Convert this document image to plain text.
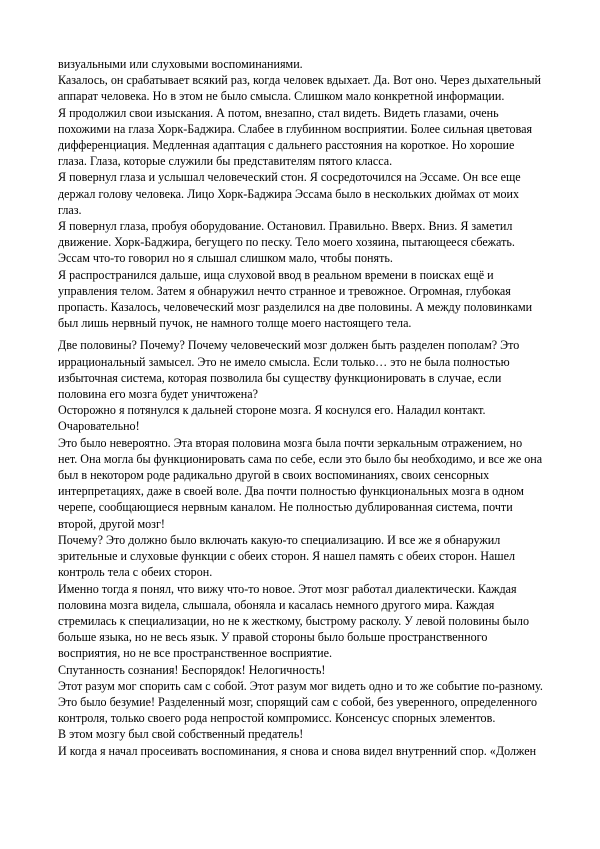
визуальными или слуховыми воспоминаниями.

Казалось, он срабатывает всякий раз, когда человек вдыхает. Да. Вот оно. Через дыхательный аппарат человека. Но в этом не было смысла. Слишком мало конкретной информации.

Я продолжил свои изыскания. А потом, внезапно, стал видеть. Видеть глазами, очень похожими на глаза Хорк-Баджира. Слабее в глубинном восприятии. Более сильная цветовая дифференциация. Медленная адаптация с дальнего расстояния на короткое. Но хорошие глаза. Глаза, которые служили бы представителям пятого класса.

Я повернул глаза и услышал человеческий стон. Я сосредоточился на Эссаме. Он все еще держал голову человека. Лицо Хорк-Баджира Эссама было в нескольких дюймах от моих глаз.

Я повернул глаза, пробуя оборудование. Остановил. Правильно. Вверх. Вниз. Я заметил движение. Хорк-Баджира, бегущего по песку. Тело моего хозяина, пытающееся сбежать. Эссам что-то говорил но я слышал слишком мало, чтобы понять.

Я распространился дальше, ища слуховой ввод в реальном времени в поисках ещё и управления телом. Затем я обнаружил нечто странное и тревожное. Огромная, глубокая пропасть. Казалось, человеческий мозг разделился на две половины. А между половинками был лишь нервный пучок, не намного толще моего настоящего тела.

Две половины? Почему? Почему человеческий мозг должен быть разделен пополам? Это иррациональный замысел. Это не имело смысла. Если только… это не была полностью избыточная система, которая позволила бы существу функционировать в случае, если половина его мозга будет уничтожена?

Осторожно я потянулся к дальней стороне мозга. Я коснулся его. Наладил контакт. Очаровательно!

Это было невероятно. Эта вторая половина мозга была почти зеркальным отражением, но нет. Она могла бы функционировать сама по себе, если это было бы необходимо, и все же она был в некотором роде радикально другой в своих воспоминаниях, своих сенсорных интерпретациях, даже в своей воле. Два почти полностью функциональных мозга в одном черепе, сообщающиеся нервным каналом. Не полностью дублированная система, почти второй, другой мозг!

Почему? Это должно было включать какую-то специализацию. И все же я обнаружил зрительные и слуховые функции с обеих сторон. Я нашел память с обеих сторон. Нашел контроль тела с обеих сторон.

Именно тогда я понял, что вижу что-то новое. Этот мозг работал диалектически. Каждая половина мозга видела, слышала, обоняла и касалась немного другого мира. Каждая стремилась к специализации, но не к жесткому, быстрому расколу. У левой половины было больше языка, но не весь язык. У правой стороны было больше пространственного восприятия, но не все пространственное восприятие.

Спутанность сознания! Беспорядок! Нелогичность!

Этот разум мог спорить сам с собой. Этот разум мог видеть одно и то же событие по-разному. Это было безумие! Разделенный мозг, спорящий сам с собой, без уверенного, определенного контроля, только своего рода непростой компромисс. Консенсус спорных элементов.

В этом мозгу был свой собственный предатель!

И когда я начал просеивать воспоминания, я снова и снова видел внутренний спор. «Должен
